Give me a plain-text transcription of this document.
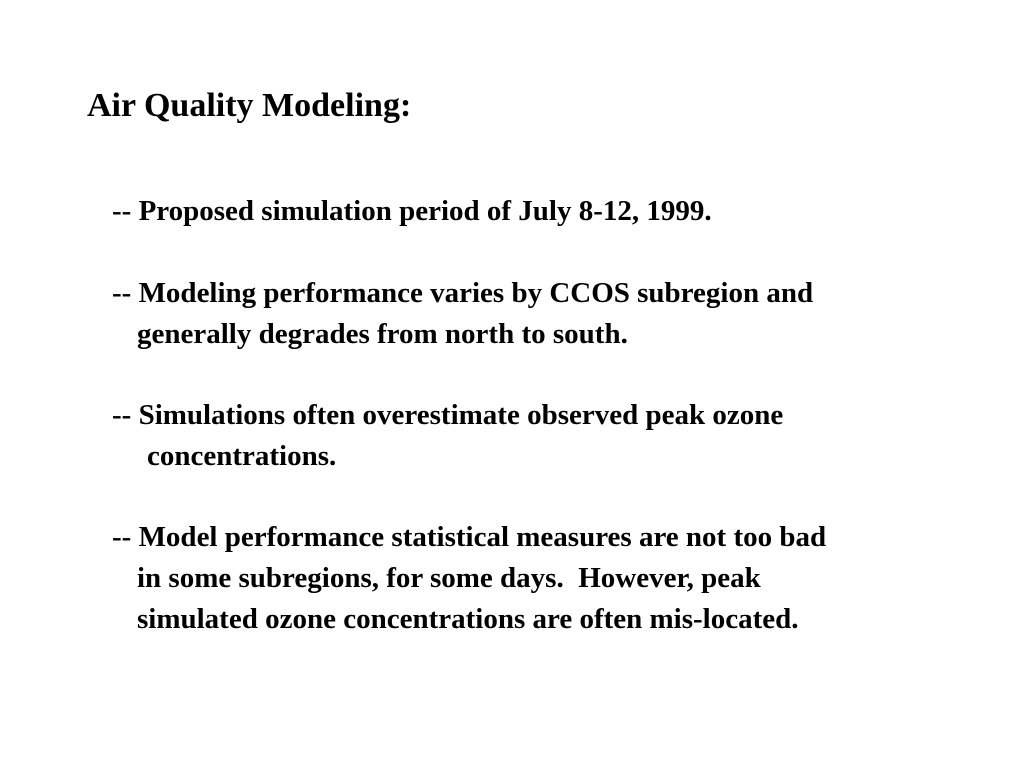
Air Quality Modeling:
-- Proposed simulation period of July 8-12, 1999.
-- Modeling performance varies by CCOS subregion and
generally degrades from north to south.
-- Simulations often overestimate observed peak ozone
concentrations.
-- Model performance statistical measures are not too bad
in some subregions, for some days.  However, peak
simulated ozone concentrations are often mis-located.
